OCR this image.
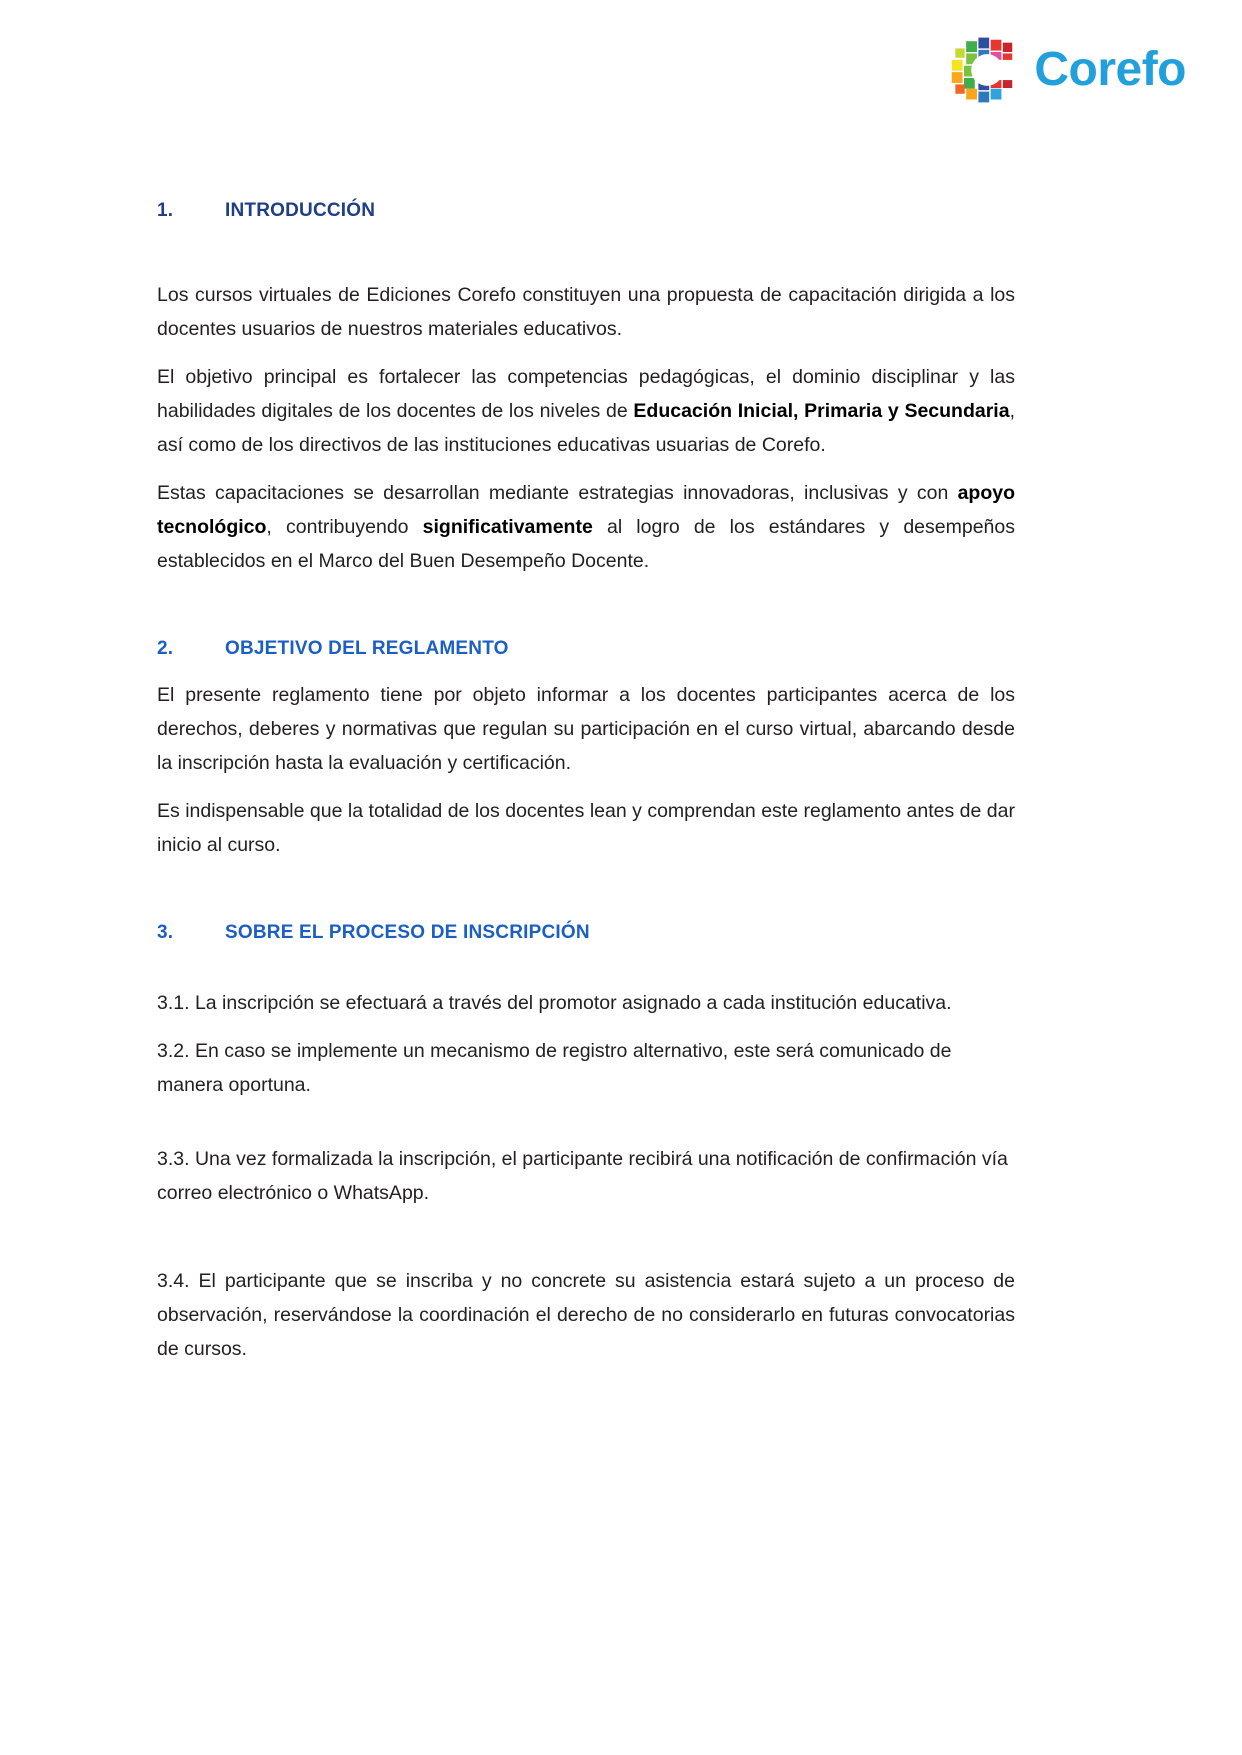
Corefo
1.	INTRODUCCIÓN

Los cursos virtuales de Ediciones Corefo constituyen una propuesta de capacitación dirigida a los docentes usuarios de nuestros materiales educativos.

El objetivo principal es fortalecer las competencias pedagógicas, el dominio disciplinar y las habilidades digitales de los docentes de los niveles de Educación Inicial, Primaria y Secundaria, así como de los directivos de las instituciones educativas usuarias de Corefo.

Estas capacitaciones se desarrollan mediante estrategias innovadoras, inclusivas y con apoyo tecnológico, contribuyendo significativamente al logro de los estándares y desempeños establecidos en el Marco del Buen Desempeño Docente.

2.	OBJETIVO DEL REGLAMENTO

El presente reglamento tiene por objeto informar a los docentes participantes acerca de los derechos, deberes y normativas que regulan su participación en el curso virtual, abarcando desde la inscripción hasta la evaluación y certificación.

Es indispensable que la totalidad de los docentes lean y comprendan este reglamento antes de dar inicio al curso.

3.	SOBRE EL PROCESO DE INSCRIPCIÓN

3.1. La inscripción se efectuará a través del promotor asignado a cada institución educativa.

3.2. En caso se implemente un mecanismo de registro alternativo, este será comunicado de manera oportuna.

3.3. Una vez formalizada la inscripción, el participante recibirá una notificación de confirmación vía correo electrónico o WhatsApp.

3.4. El participante que se inscriba y no concrete su asistencia estará sujeto a un proceso de observación, reservándose la coordinación el derecho de no considerarlo en futuras convocatorias de cursos.
